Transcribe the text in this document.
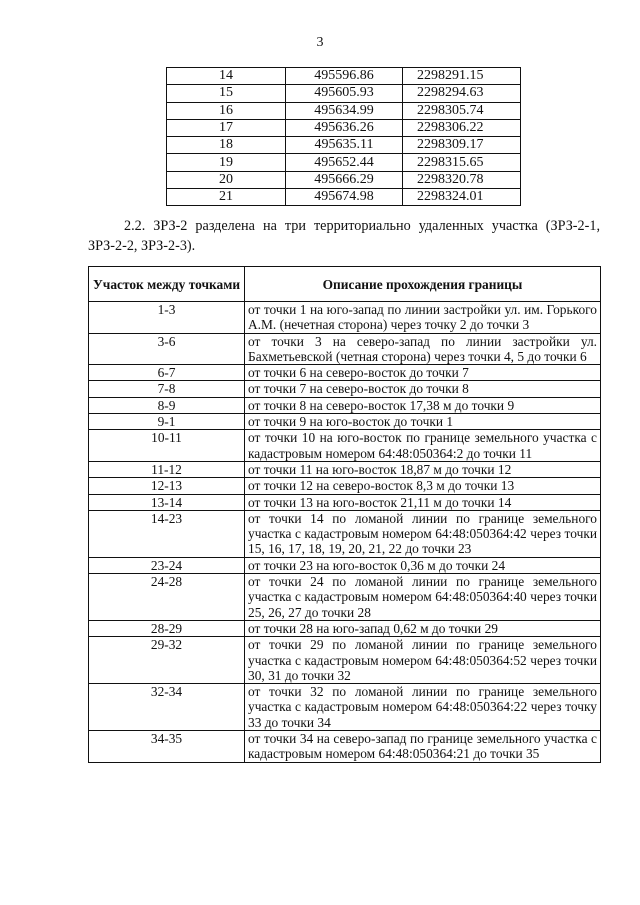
3
14	495596.86	2298291.15
15	495605.93	2298294.63
16	495634.99	2298305.74
17	495636.26	2298306.22
18	495635.11	2298309.17
19	495652.44	2298315.65
20	495666.29	2298320.78
21	495674.98	2298324.01
2.2. ЗРЗ-2 разделена на три территориально удаленных участка (ЗРЗ-2-1, ЗРЗ-2-2, ЗРЗ-2-3).
Участок между точками	Описание прохождения границы
1-3	от точки 1 на юго-запад по линии застройки ул. им. Горького А.М. (нечетная сторона) через точку 2 до точки 3
3-6	от точки 3 на северо-запад по линии застройки ул. Бахметьевской (четная сторона) через точки 4, 5 до точки 6
6-7	от точки 6 на северо-восток до точки 7
7-8	от точки 7 на северо-восток до точки 8
8-9	от точки 8 на северо-восток 17,38 м до точки 9
9-1	от точки 9 на юго-восток до точки 1
10-11	от точки 10 на юго-восток по границе земельного участка с кадастровым номером 64:48:050364:2 до точки 11
11-12	от точки 11 на юго-восток 18,87 м до точки 12
12-13	от точки 12 на северо-восток 8,3 м до точки 13
13-14	от точки 13 на юго-восток 21,11 м до точки 14
14-23	от точки 14 по ломаной линии по границе земельного участка с кадастровым номером 64:48:050364:42 через точки 15, 16, 17, 18, 19, 20, 21, 22 до точки 23
23-24	от точки 23 на юго-восток 0,36 м до точки 24
24-28	от точки 24 по ломаной линии по границе земельного участка с кадастровым номером 64:48:050364:40 через точки 25, 26, 27 до точки 28
28-29	от точки 28 на юго-запад 0,62 м до точки 29
29-32	от точки 29 по ломаной линии по границе земельного участка с кадастровым номером 64:48:050364:52 через точки 30, 31 до точки 32
32-34	от точки 32 по ломаной линии по границе земельного участка с кадастровым номером 64:48:050364:22 через точку 33 до точки 34
34-35	от точки 34 на северо-запад по границе земельного участка с кадастровым номером 64:48:050364:21 до точки 35
